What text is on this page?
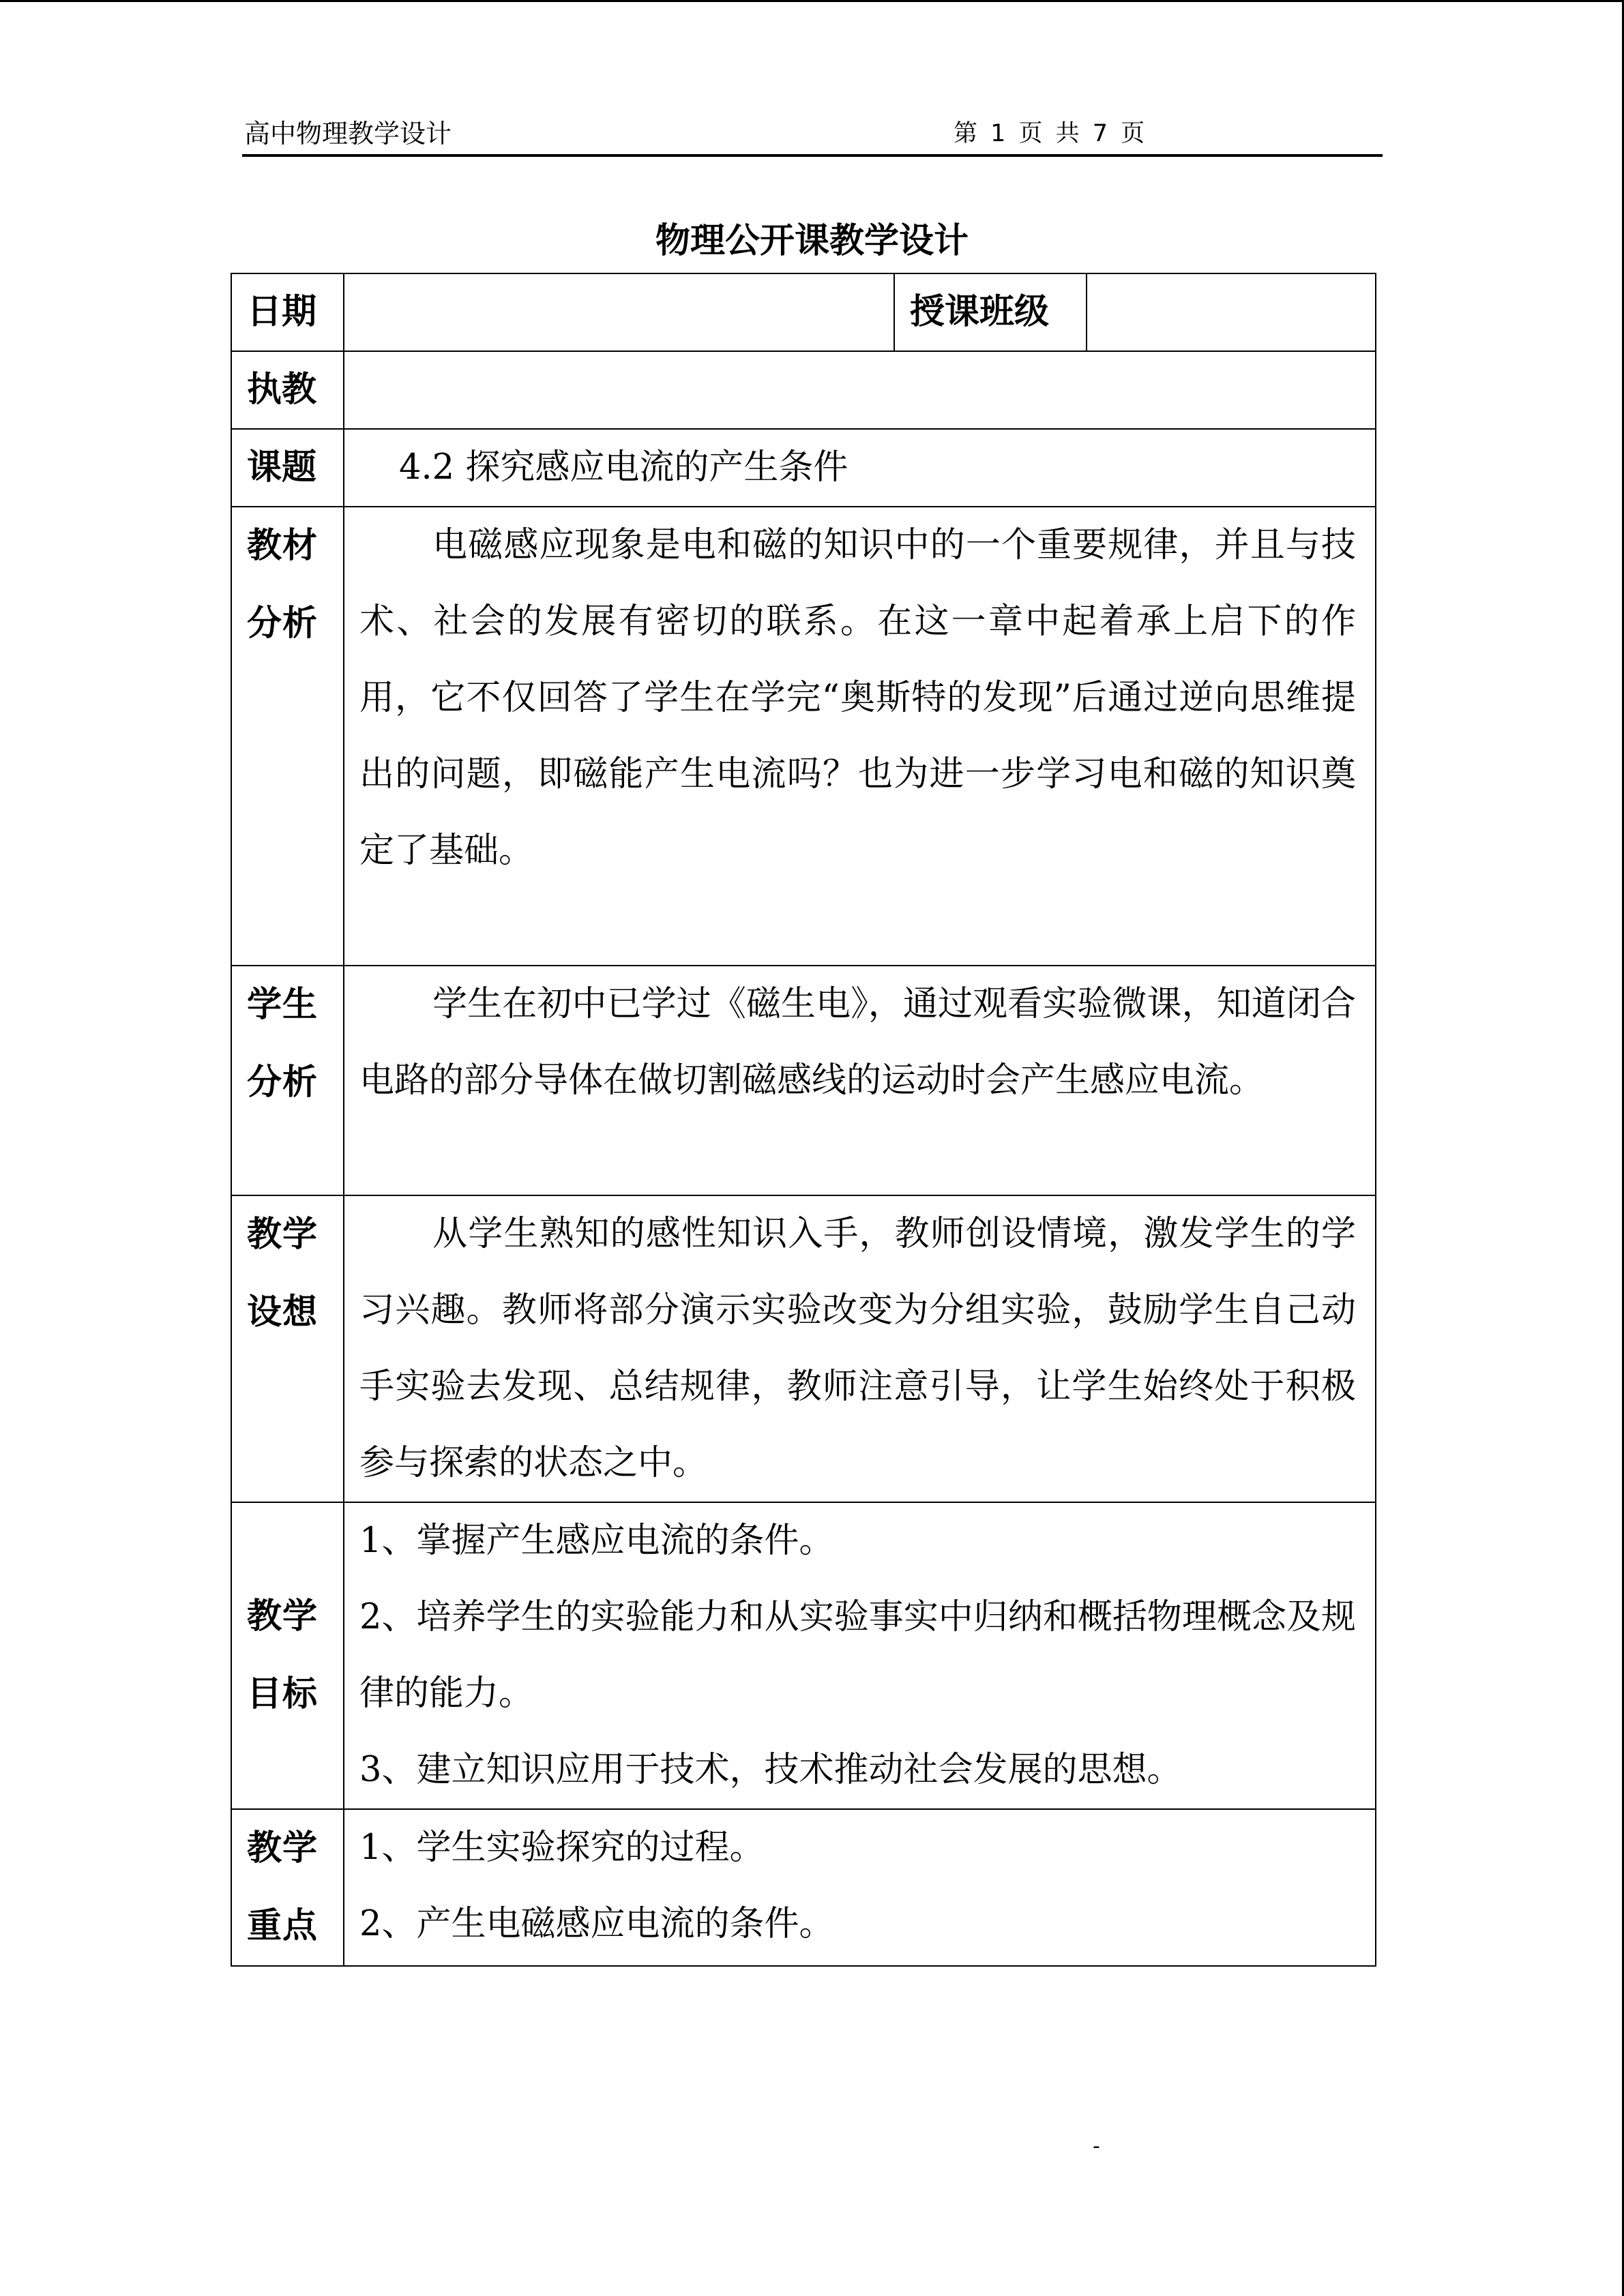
高中物理教学设计	第 1 页 共 7 页
物理公开课教学设计
日期		授课班级	
执教			
课题	4.2 探究感应电流的产生条件		

教材分析	电磁感应现象是电和磁的知识中的一个重要规律，并且与技术、社会的发展有密切的联系。在这一章中起着承上启下的作用，它不仅回答了学生在学完“奥斯特的发现”后通过逆向思维提出的问题，即磁能产生电流吗？也为进一步学习电和磁的知识奠定了基础。		

学生分析	学生在初中已学过《磁生电》，通过观看实验微课，知道闭合电路的部分导体在做切割磁感线的运动时会产生感应电流。		

教学设想	从学生熟知的感性知识入手，教师创设情境，激发学生的学习兴趣。教师将部分演示实验改变为分组实验，鼓励学生自己动手实验去发现、总结规律，教师注意引导，让学生始终处于积极参与探索的状态之中。		

教学目标	1、掌握产生感应电流的条件。

2、培养学生的实验能力和从实验事实中归纳和概括物理概念及规律的能力。

3、建立知识应用于技术，技术推动社会发展的思想。		

教学重点	1、学生实验探究的过程。

2、产生电磁感应电流的条件。		

-
